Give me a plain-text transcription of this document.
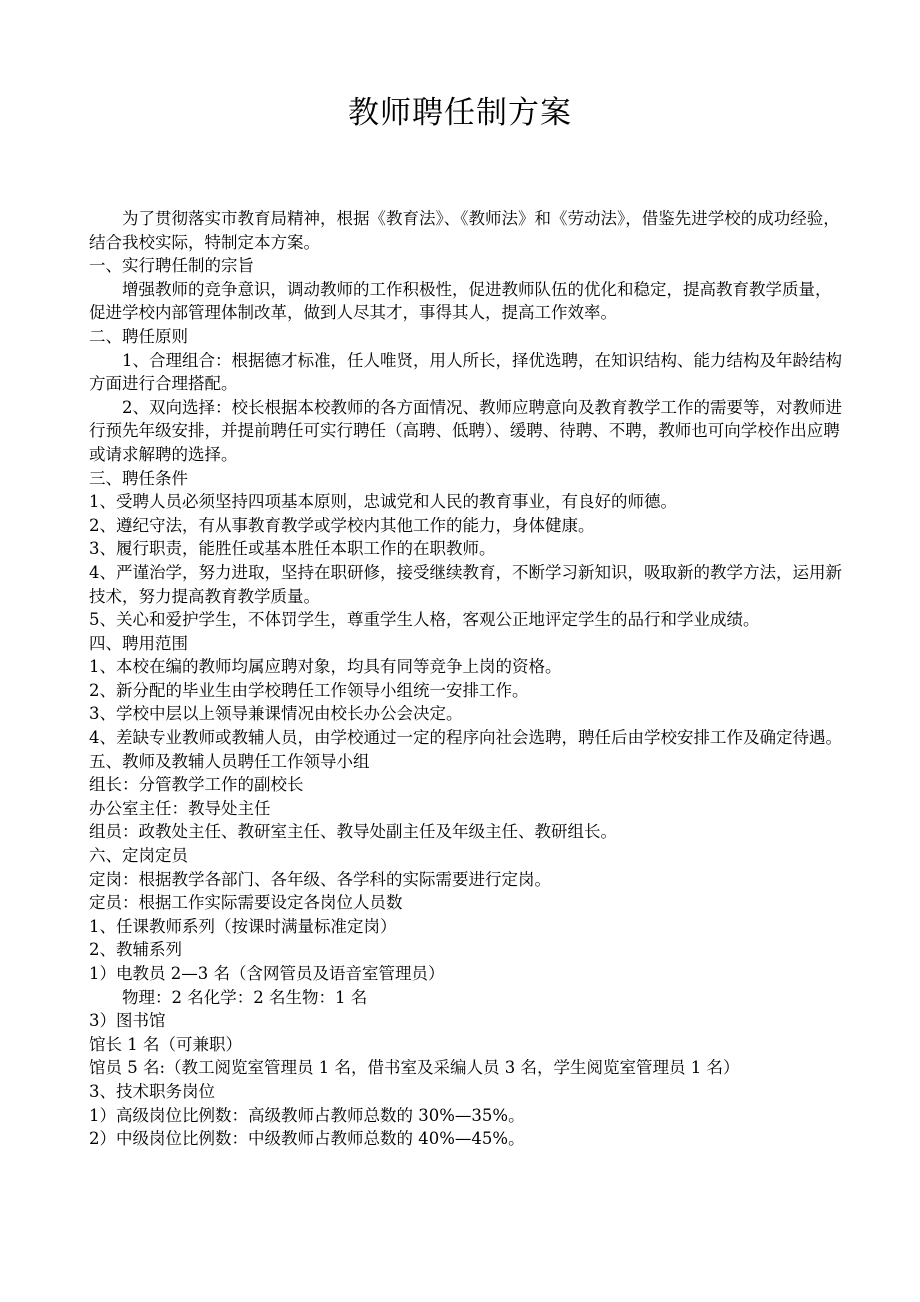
教师聘任制方案

为了贯彻落实市教育局精神，根据《教育法》、《教师法》和《劳动法》，借鉴先进学校的成功经验，结合我校实际，特制定本方案。

一、实行聘任制的宗旨

增强教师的竞争意识，调动教师的工作积极性，促进教师队伍的优化和稳定，提高教育教学质量，促进学校内部管理体制改革，做到人尽其才，事得其人，提高工作效率。

二、聘任原则

1、合理组合：根据德才标准，任人唯贤，用人所长，择优选聘，在知识结构、能力结构及年龄结构方面进行合理搭配。

2、双向选择：校长根据本校教师的各方面情况、教师应聘意向及教育教学工作的需要等，对教师进行预先年级安排，并提前聘任可实行聘任（高聘、低聘）、缓聘、待聘、不聘，教师也可向学校作出应聘或请求解聘的选择。

三、聘任条件

1、受聘人员必须坚持四项基本原则，忠诚党和人民的教育事业，有良好的师德。

2、遵纪守法，有从事教育教学或学校内其他工作的能力，身体健康。

3、履行职责，能胜任或基本胜任本职工作的在职教师。

4、严谨治学，努力进取，坚持在职研修，接受继续教育，不断学习新知识，吸取新的教学方法，运用新技术，努力提高教育教学质量。

5、关心和爱护学生，不体罚学生，尊重学生人格，客观公正地评定学生的品行和学业成绩。

四、聘用范围

1、本校在编的教师均属应聘对象，均具有同等竞争上岗的资格。

2、新分配的毕业生由学校聘任工作领导小组统一安排工作。

3、学校中层以上领导兼课情况由校长办公会决定。

4、差缺专业教师或教辅人员，由学校通过一定的程序向社会选聘，聘任后由学校安排工作及确定待遇。

五、教师及教辅人员聘任工作领导小组

组长：分管教学工作的副校长

办公室主任：教导处主任

组员：政教处主任、教研室主任、教导处副主任及年级主任、教研组长。

六、定岗定员

定岗：根据教学各部门、各年级、各学科的实际需要进行定岗。

定员：根据工作实际需要设定各岗位人员数

1、任课教师系列（按课时满量标准定岗）

2、教辅系列

1）电教员 2—3 名（含网管员及语音室管理员）

物理：2 名化学：2 名生物：1 名

3）图书馆

馆长 1 名（可兼职）

馆员 5 名:（教工阅览室管理员 1 名，借书室及采编人员 3 名，学生阅览室管理员 1 名）

3、技术职务岗位

1）高级岗位比例数：高级教师占教师总数的 30%—35%。

2）中级岗位比例数：中级教师占教师总数的 40%—45%。
